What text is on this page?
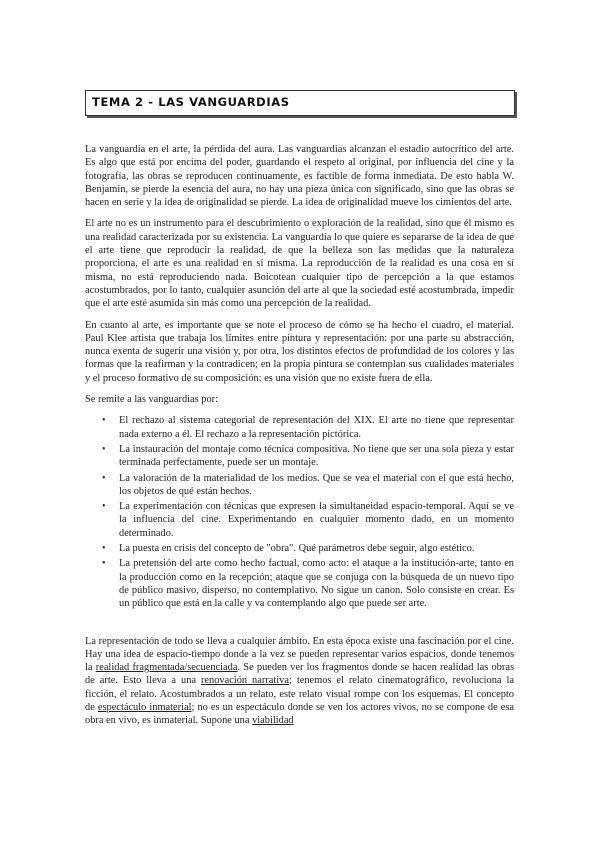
TEMA 2 - LAS VANGUARDIAS

La vanguardia en el arte, la pérdida del aura. Las vanguardias alcanzan el estadio autocrítico del arte. Es algo que está por encima del poder, guardando el respeto al original, por influencia del cine y la fotografía, las obras se reproducen continuamente, es factible de forma inmediata. De esto habla W. Benjamin, se pierde la esencia del aura, no hay una pieza única con significado, sino que las obras se hacen en serie y la idea de originalidad se pierde. La idea de originalidad mueve los cimientos del arte.

El arte no es un instrumento para el descubrimiento o exploración de la realidad, sino que él mismo es una realidad caracterizada por su existencia. La vanguardia lo que quiere es separarse de la idea de que el arte tiene que reproducir la realidad, de que la belleza son las medidas que la naturaleza proporciona, el arte es una realidad en sí misma. La reproducción de la realidad es una cosa en sí misma, no está reproduciendo nada. Boicotean cualquier tipo de percepción a la que estamos acostumbrados, por lo tanto, cualquier asunción del arte al que la sociedad esté acostumbrada, impedir que el arte esté asumida sin más como una percepción de la realidad.

En cuanto al arte, es importante que se note el proceso de cómo se ha hecho el cuadro, el material. Paul Klee artista que trabaja los límites entre pintura y representación: por una parte su abstracción, nunca exenta de sugerir una visión y, por otra, los distintos efectos de profundidad de los colores y las formas que la reafirman y la contradicen; en la propia pintura se contemplan sus cualidades materiales y el proceso formativo de su composición: es una visión que no existe fuera de ella.

Se remite a las vanguardias por:

• El rechazo al sistema categorial de representación del XIX. El arte no tiene que representar nada externo a él. El rechazo a la representación pictórica.
• La instauración del montaje como técnica compositiva. No tiene que ser una sola pieza y estar terminada perfectamente, puede ser un montaje.
• La valoración de la materialidad de los medios. Que se vea el material con el que está hecho, los objetos de qué están hechos.
• La experimentación con técnicas que expresen la simultaneidad espacio-temporal. Aquí se ve la influencia del cine. Experimentando en cualquier momento dado, en un momento determinado.
• La puesta en crisis del concepto de "obra". Qué parámetros debe seguir, algo estético.
• La pretensión del arte como hecho factual, como acto: el ataque a la institución-arte, tanto en la producción como en la recepción; ataque que se conjuga con la búsqueda de un nuevo tipo de público masivo, disperso, no contemplativo. No sigue un canon. Solo consiste en crear. Es un público que está en la calle y va contemplando algo que puede ser arte.

La representación de todo se lleva a cualquier ámbito. En esta época existe una fascinación por el cine. Hay una idea de espacio-tiempo donde a la vez se pueden representar varios espacios, donde tenemos la realidad fragmentada/secuenciada. Se pueden ver los fragmentos donde se hacen realidad las obras de arte. Esto lleva a una renovación narrativa; tenemos el relato cinematográfico, revoluciona la ficción, el relato. Acostumbrados a un relato, este relato visual rompe con los esquemas. El concepto de espectáculo inmaterial; no es un espectáculo donde se ven los actores vivos, no se compone de esa obra en vivo, es inmaterial. Supone una viabilidad
